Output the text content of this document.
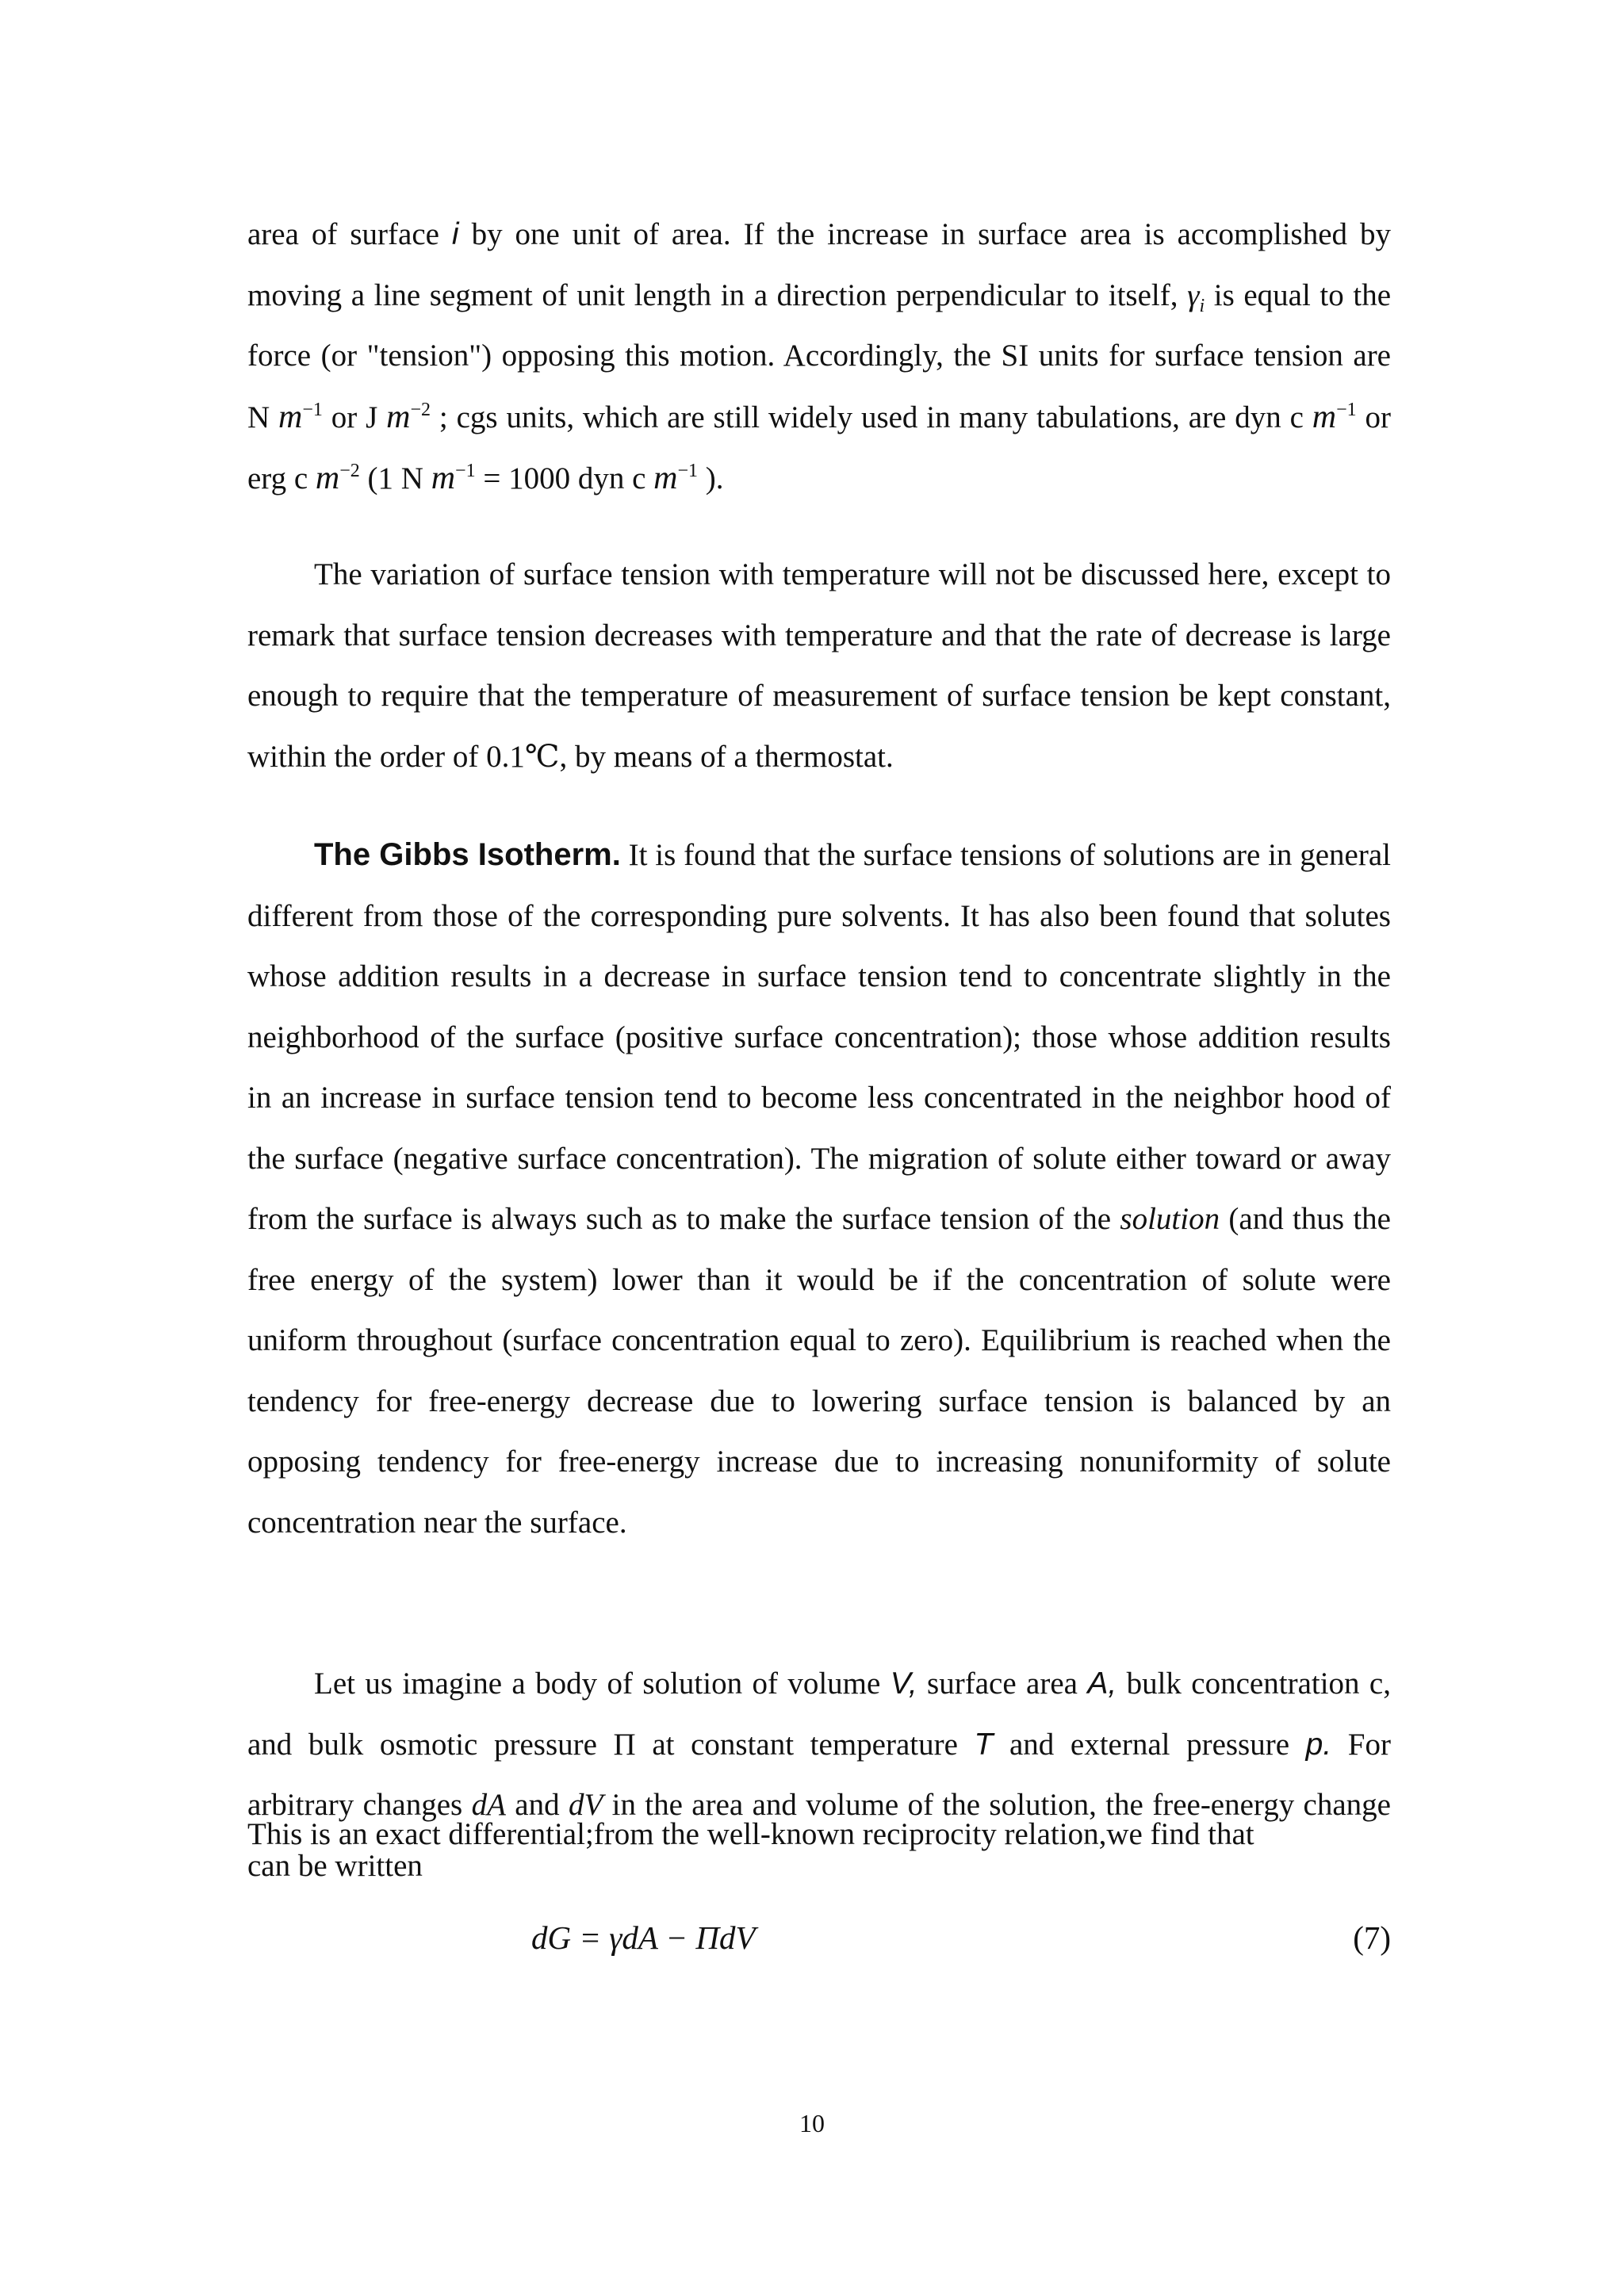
area of surface i by one unit of area. If the increase in surface area is accomplished by moving a line segment of unit length in a direction perpendicular to itself, $\gamma_i$ is equal to the force (or "tension") opposing this motion. Accordingly, the SI units for surface tension are N $m^{-1}$ or J $m^{-2}$ ; cgs units, which are still widely used in many tabulations, are dyn c $m^{-1}$ or erg c $m^{-2}$ (1 N $m^{-1} = 1000$ dyn c $m^{-1}$ ).

The variation of surface tension with temperature will not be discussed here, except to remark that surface tension decreases with temperature and that the rate of decrease is large enough to require that the temperature of measurement of surface tension be kept constant, within the order of 0.1℃, by means of a thermostat.

The Gibbs Isotherm. It is found that the surface tensions of solutions are in general different from those of the corresponding pure solvents. It has also been found that solutes whose addition results in a decrease in surface tension tend to concentrate slightly in the neighborhood of the surface (positive surface concentration); those whose addition results in an increase in surface tension tend to become less concentrated in the neighbor hood of the surface (negative surface concentration). The migration of solute either toward or away from the surface is always such as to make the surface tension of the solution (and thus the free energy of the system) lower than it would be if the concentration of solute were uniform throughout (surface concentration equal to zero). Equilibrium is reached when the tendency for free-energy decrease due to lowering surface tension is balanced by an opposing tendency for free-energy increase due to increasing nonuniformity of solute concentration near the surface.

Let us imagine a body of solution of volume V, surface area A, bulk concentration c, and bulk osmotic pressure Π at constant temperature T and external pressure p. For arbitrary changes dA and dV in the area and volume of the solution, the free-energy change can be written

dG = γdA − ΠdV	(7)

This is an exact differential;from the well-known reciprocity relation,we find that

10
